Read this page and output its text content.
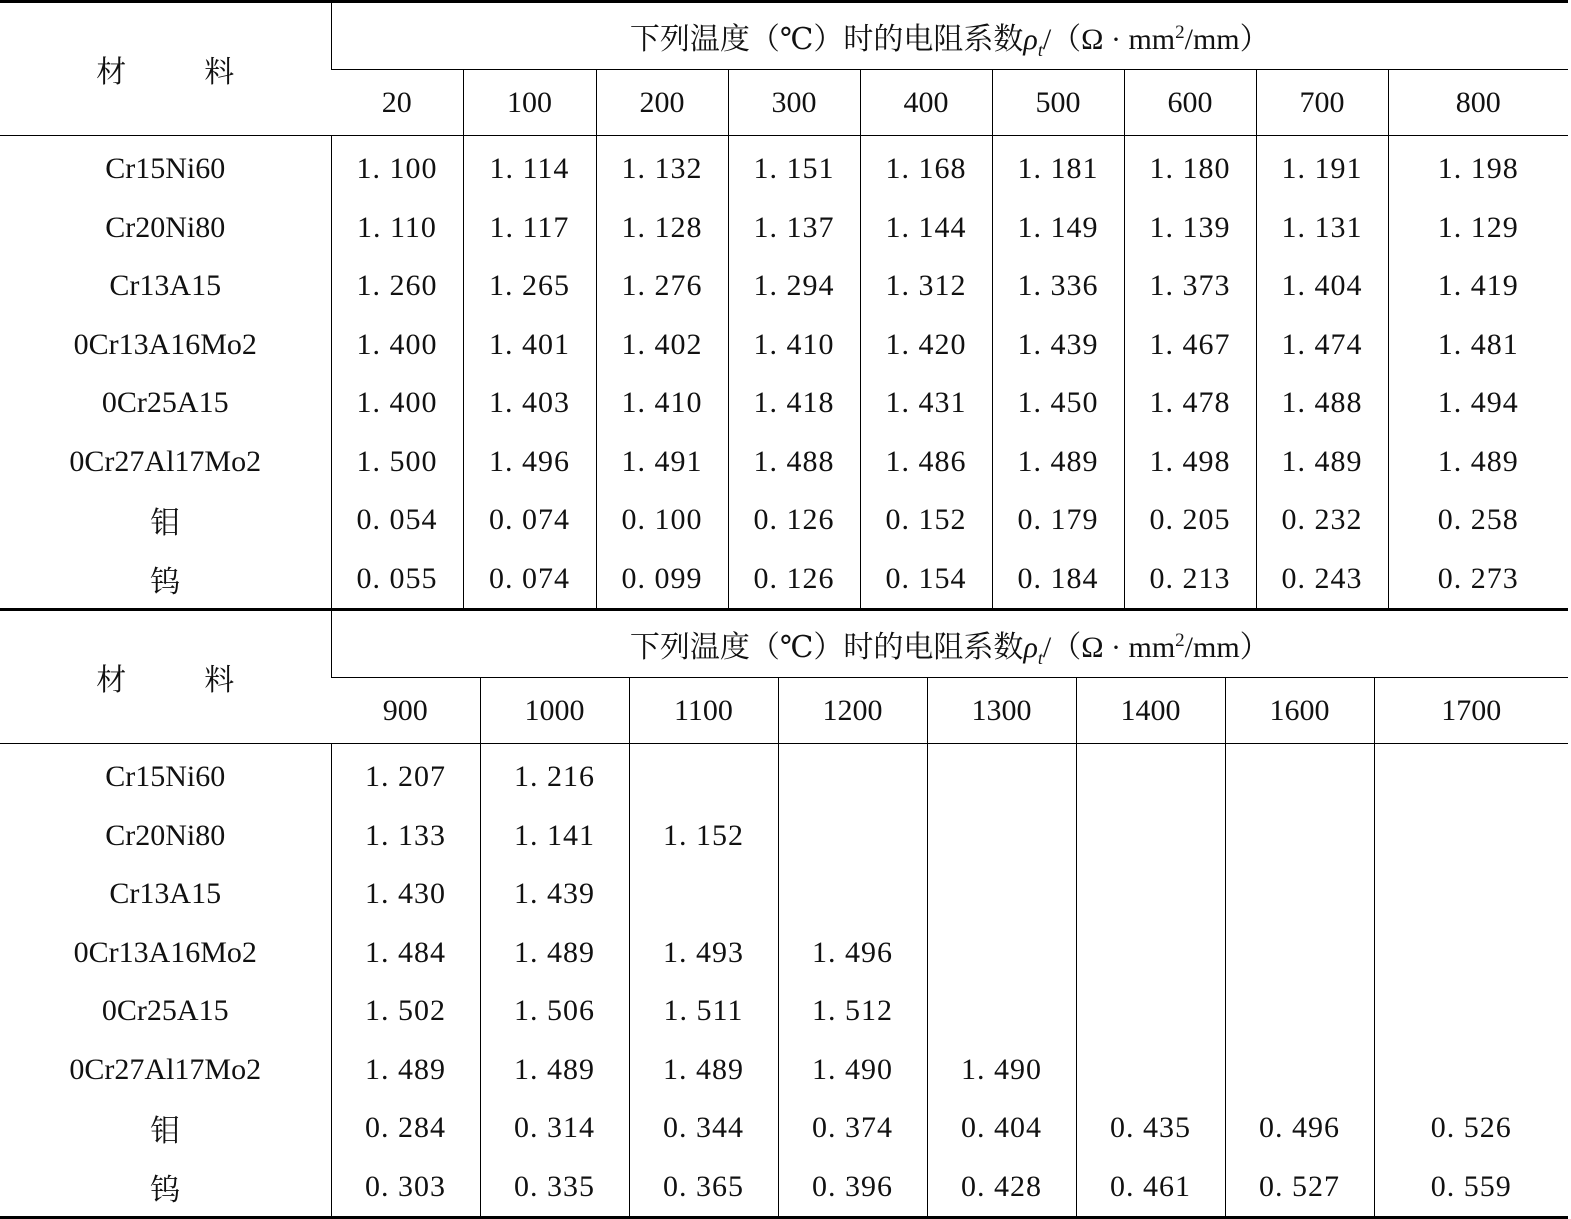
材　料	下列温度（℃）时的电阻系数$\rho_t/(\Omega \cdot mm^2/mm)$								
	20	100	200	300	400	500	600	700	800
Cr15Ni60	1. 100	1. 114	1. 132	1. 151	1. 168	1. 181	1. 180	1. 191	1. 198
Cr20Ni80	1. 110	1. 117	1. 128	1. 137	1. 144	1. 149	1. 139	1. 131	1. 129
Cr13A15	1. 260	1. 265	1. 276	1. 294	1. 312	1. 336	1. 373	1. 404	1. 419
0Cr13A16Mo2	1. 400	1. 401	1. 402	1. 410	1. 420	1. 439	1. 467	1. 474	1. 481
0Cr25A15	1. 400	1. 403	1. 410	1. 418	1. 431	1. 450	1. 478	1. 488	1. 494
0Cr27Al17Mo2	1. 500	1. 496	1. 491	1. 488	1. 486	1. 489	1. 498	1. 489	1. 489
钼	0. 054	0. 074	0. 100	0. 126	0. 152	0. 179	0. 205	0. 232	0. 258
钨	0. 055	0. 074	0. 099	0. 126	0. 154	0. 184	0. 213	0. 243	0. 273
材　料	下列温度（℃）时的电阻系数$\rho_t/(\Omega \cdot mm^2/mm)$							
	900	1000	1100	1200	1300	1400	1600	1700
Cr15Ni60	1. 207	1. 216						
Cr20Ni80	1. 133	1. 141	1. 152					
Cr13A15	1. 430	1. 439						
0Cr13A16Mo2	1. 484	1. 489	1. 493	1. 496				
0Cr25A15	1. 502	1. 506	1. 511	1. 512				
0Cr27Al17Mo2	1. 489	1. 489	1. 489	1. 490	1. 490			
钼	0. 284	0. 314	0. 344	0. 374	0. 404	0. 435	0. 496	0. 526
钨	0. 303	0. 335	0. 365	0. 396	0. 428	0. 461	0. 527	0. 559
